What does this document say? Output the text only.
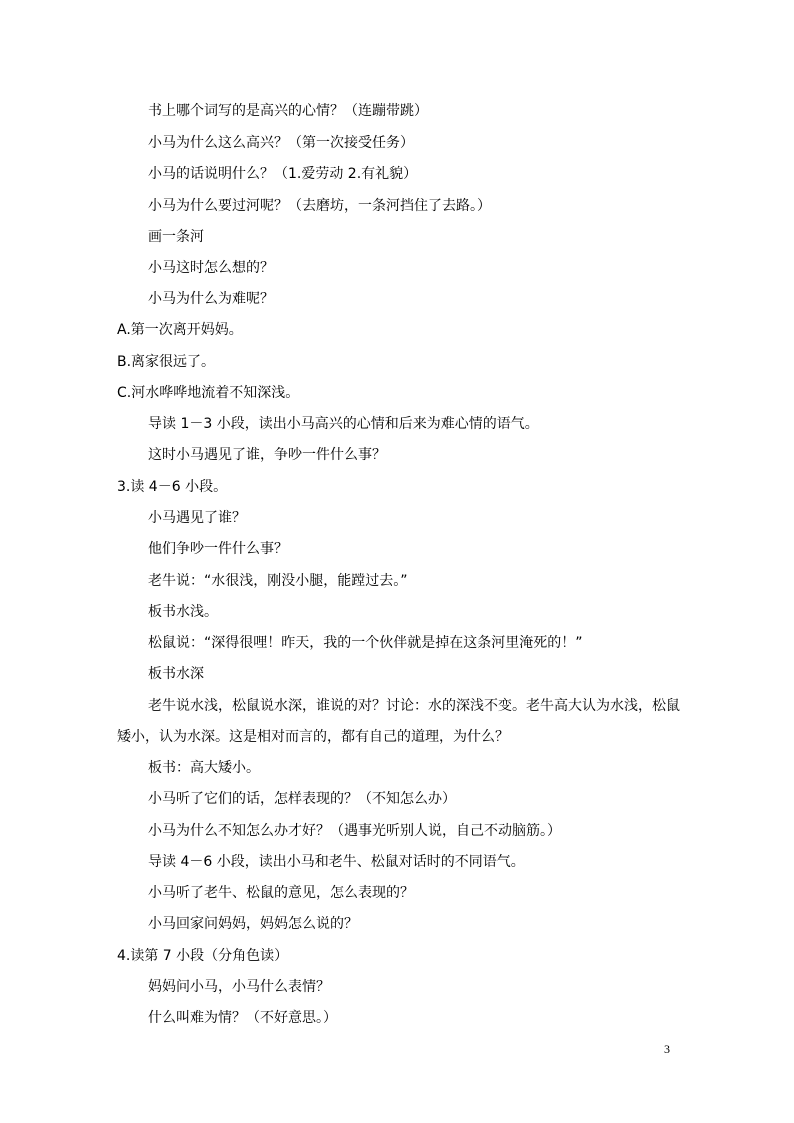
书上哪个词写的是高兴的心情？（连蹦带跳）
小马为什么这么高兴？（第一次接受任务）
小马的话说明什么？（1.爱劳动 2.有礼貌）
小马为什么要过河呢？（去磨坊，一条河挡住了去路。）
画一条河
小马这时怎么想的？
小马为什么为难呢？
A.第一次离开妈妈。
B.离家很远了。
C.河水哗哗地流着不知深浅。
导读 1－3 小段，读出小马高兴的心情和后来为难心情的语气。
这时小马遇见了谁，争吵一件什么事？
3.读 4－6 小段。
小马遇见了谁？
他们争吵一件什么事？
老牛说：“水很浅，刚没小腿，能蹚过去。”
板书水浅。
松鼠说：“深得很哩！昨天，我的一个伙伴就是掉在这条河里淹死的！”
板书水深
老牛说水浅，松鼠说水深，谁说的对？讨论：水的深浅不变。老牛高大认为水浅，松鼠
矮小，认为水深。这是相对而言的，都有自己的道理，为什么？
板书：高大矮小。
小马听了它们的话，怎样表现的？（不知怎么办）
小马为什么不知怎么办才好？（遇事光听别人说，自己不动脑筋。）
导读 4－6 小段，读出小马和老牛、松鼠对话时的不同语气。
小马听了老牛、松鼠的意见，怎么表现的？
小马回家问妈妈，妈妈怎么说的？
4.读第 7 小段（分角色读）
妈妈问小马，小马什么表情？
什么叫难为情？（不好意思。）
3
